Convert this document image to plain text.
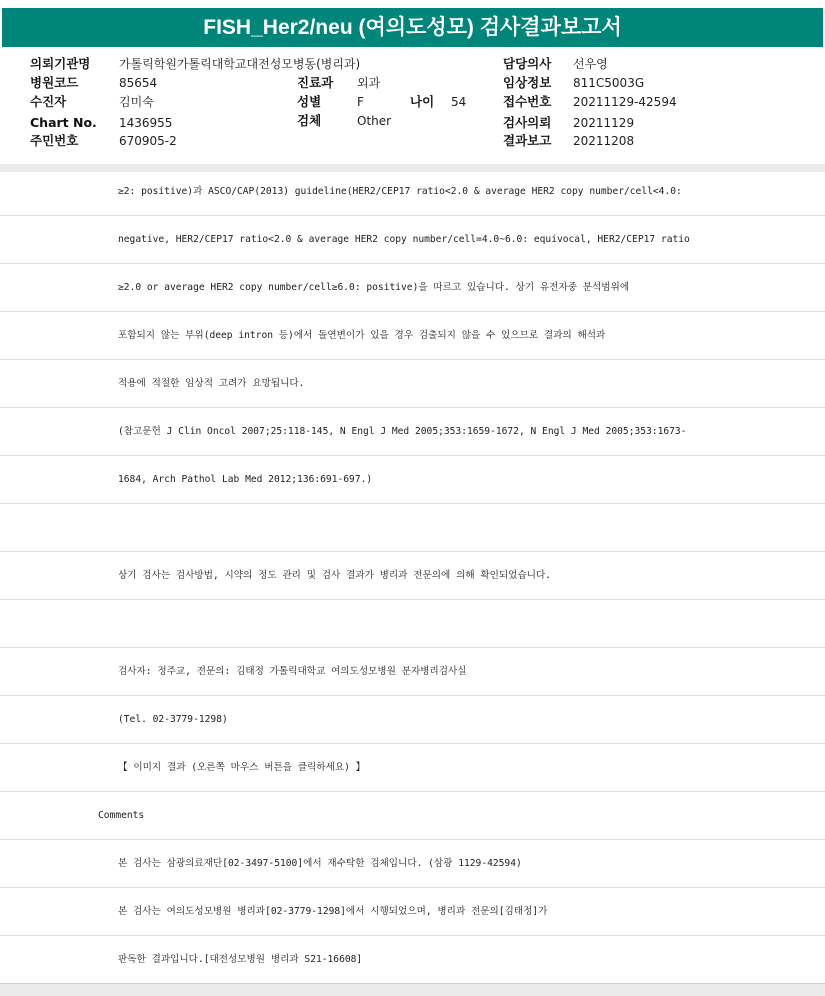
FISH_Her2/neu (여의도성모) 검사결과보고서
의뢰기관명 가톨릭학원가톨릭대학교대전성모병동(병리과)
병원코드	85654
수진자	김미숙
Chart No. 1436955
주민번호	670905-2
진료과 외과
성별	F	나이 54
검체	Other
담당의사 선우영
임상정보 811C5003G
접수번호 20211129-42594
검사의뢰 20211129
결과보고 20211208
≥2: positive)과 ASCO/CAP(2013) guideline(HER2/CEP17 ratio<2.0 & average HER2 copy number/cell<4.0:
negative, HER2/CEP17 ratio<2.0 & average HER2 copy number/cell=4.0~6.0: equivocal, HER2/CEP17 ratio
≥2.0 or average HER2 copy number/cell≥6.0: positive)을 따르고 있습니다. 상기 유전자중 분석범위에
포함되지 않는 부위(deep intron 등)에서 돌연변이가 있을 경우 검출되지 않을 수 있으므로 결과의 해석과
적용에 적절한 임상적 고려가 요망됩니다.
(참고문헌 J Clin Oncol 2007;25:118-145, N Engl J Med 2005;353:1659-1672, N Engl J Med 2005;353:1673-
1684, Arch Pathol Lab Med 2012;136:691-697.)
상기 검사는 검사방법, 시약의 정도 관리 및 검사 결과가 병리과 전문의에 의해 확인되었습니다.
검사자: 정주교, 전문의: 김태정 가톨릭대학교 여의도성모병원 분자병리검사실
(Tel. 02-3779-1298)
【 이미지 결과 (오른쪽 마우스 버튼을 클릭하세요) 】
Comments
본 검사는 삼광의료재단[02-3497-5100]에서 재수탁한 검체입니다. (삼광 1129-42594)
본 검사는 여의도성모병원 병리과[02-3779-1298]에서 시행되었으며, 병리과 전문의[김태정]가
판독한 결과입니다.[대전성모병원 병리과 S21-16608]
